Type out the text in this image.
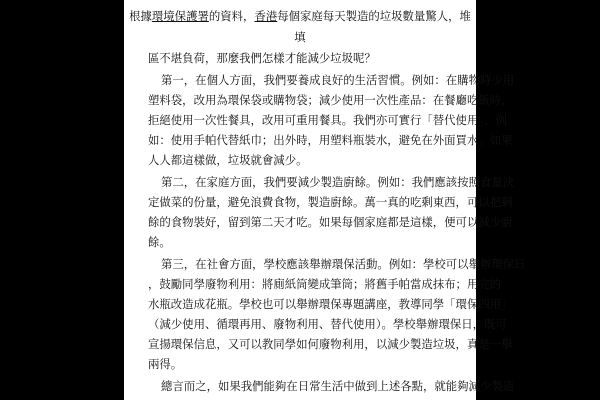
根據環境保護署的資料，香港每個家庭每天製造的垃圾數量驚人，堆
填
區不堪負荷，那麼我們怎樣才能減少垃圾呢？
第一，在個人方面，我們要養成良好的生活習慣。例如：在購物時少用
塑料袋，改用為環保袋或購物袋；減少使用一次性產品：在餐廳吃飯時，
拒絕使用一次性餐具，改用可重用餐具。我們亦可實行「替代使用」，例
如：使用手帕代替紙巾；出外時，用塑料瓶裝水，避免在外面買水。如果
人人都這樣做，垃圾就會減少。
第二，在家庭方面，我們要減少製造廚餘。例如：我們應該按照食量決
定做菜的份量，避免浪費食物，製造廚餘。萬一真的吃剩東西，可以把剩
餘的食物裝好，留到第二天才吃。如果每個家庭都是這樣，便可以減少廚
餘。
第三，在社會方面，學校應該舉辦環保活動。例如：學校可以舉辦環保日
，鼓勵同學廢物利用：將廁紙筒變成筆筒；將舊手帕當成抹布；用完的
水瓶改造成花瓶。學校也可以舉辦環保專題講座，教導同學「環保四用」
（減少使用、循環再用、廢物利用、替代使用）。學校舉辦環保日，既可
宣揚環保信息，又可以教同學如何廢物利用，以減少製造垃圾，真是一舉
兩得。
總言而之，如果我們能夠在日常生活中做到上述各點，就能夠減少製造
